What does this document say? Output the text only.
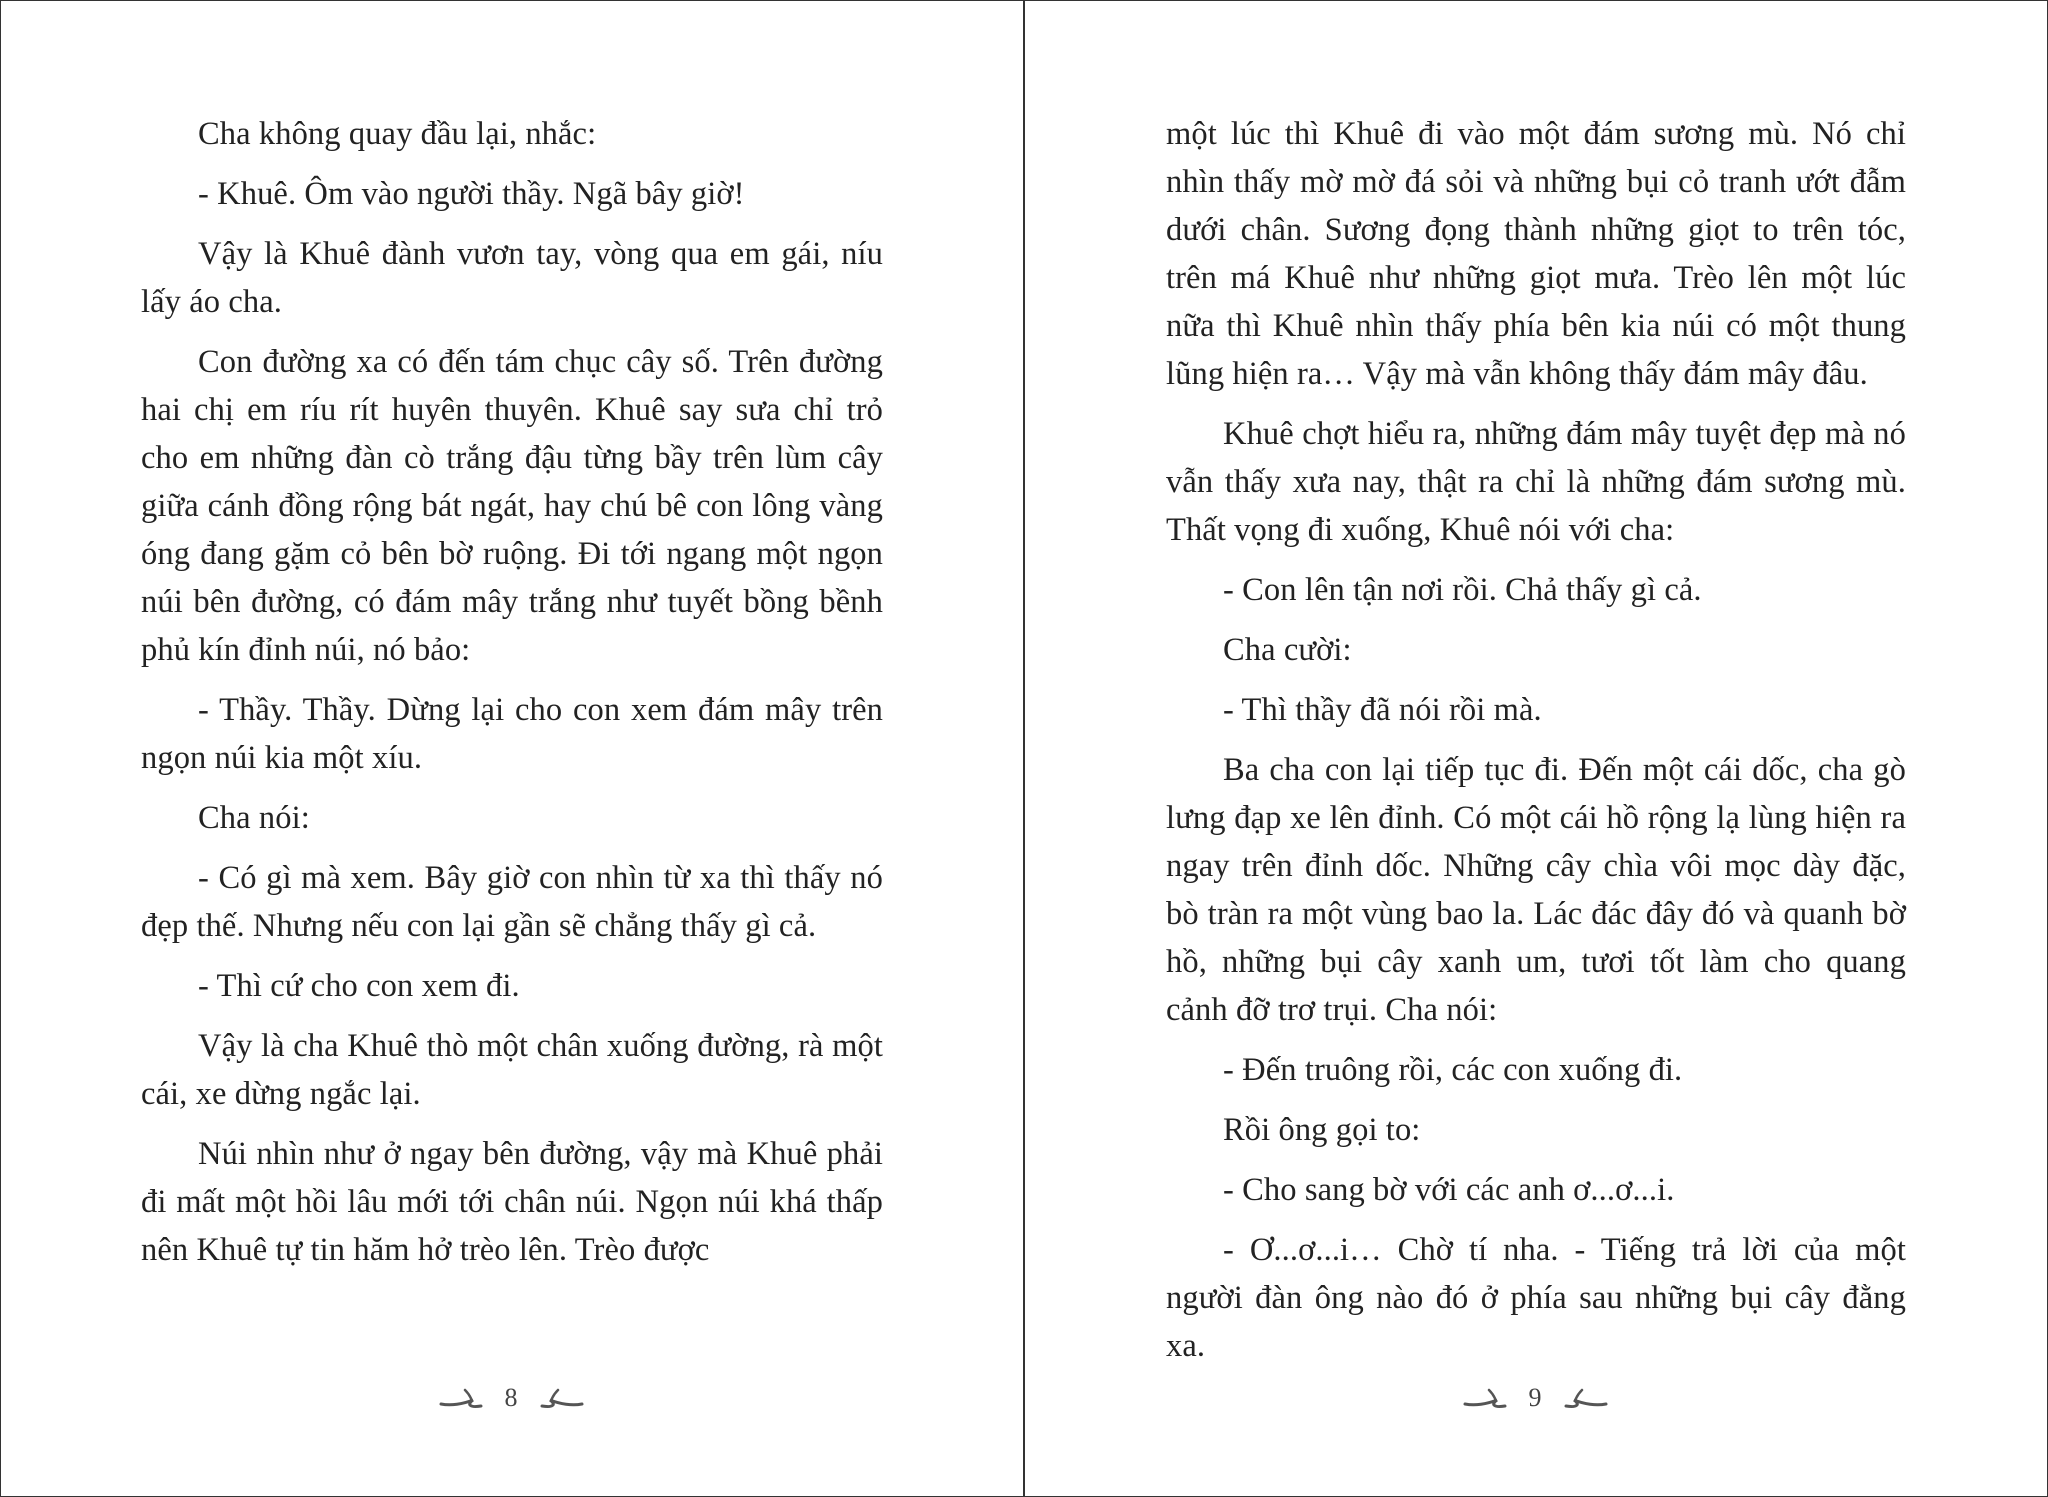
Cha không quay đầu lại, nhắc:

- Khuê. Ôm vào người thầy. Ngã bây giờ!

Vậy là Khuê đành vươn tay, vòng qua em gái, níu lấy áo cha.

Con đường xa có đến tám chục cây số. Trên đường hai chị em ríu rít huyên thuyên. Khuê say sưa chỉ trỏ cho em những đàn cò trắng đậu từng bầy trên lùm cây giữa cánh đồng rộng bát ngát, hay chú bê con lông vàng óng đang gặm cỏ bên bờ ruộng. Đi tới ngang một ngọn núi bên đường, có đám mây trắng như tuyết bồng bềnh phủ kín đỉnh núi, nó bảo:

- Thầy. Thầy. Dừng lại cho con xem đám mây trên ngọn núi kia một xíu.

Cha nói:

- Có gì mà xem. Bây giờ con nhìn từ xa thì thấy nó đẹp thế. Nhưng nếu con lại gần sẽ chẳng thấy gì cả.

- Thì cứ cho con xem đi.

Vậy là cha Khuê thò một chân xuống đường, rà một cái, xe dừng ngắc lại.

Núi nhìn như ở ngay bên đường, vậy mà Khuê phải đi mất một hồi lâu mới tới chân núi. Ngọn núi khá thấp nên Khuê tự tin hăm hở trèo lên. Trèo được

một lúc thì Khuê đi vào một đám sương mù. Nó chỉ nhìn thấy mờ mờ đá sỏi và những bụi cỏ tranh ướt đẫm dưới chân. Sương đọng thành những giọt to trên tóc, trên má Khuê như những giọt mưa. Trèo lên một lúc nữa thì Khuê nhìn thấy phía bên kia núi có một thung lũng hiện ra… Vậy mà vẫn không thấy đám mây đâu.

Khuê chợt hiểu ra, những đám mây tuyệt đẹp mà nó vẫn thấy xưa nay, thật ra chỉ là những đám sương mù. Thất vọng đi xuống, Khuê nói với cha:

- Con lên tận nơi rồi. Chả thấy gì cả.

Cha cười:

- Thì thầy đã nói rồi mà.

Ba cha con lại tiếp tục đi. Đến một cái dốc, cha gò lưng đạp xe lên đỉnh. Có một cái hồ rộng lạ lùng hiện ra ngay trên đỉnh dốc. Những cây chìa vôi mọc dày đặc, bò tràn ra một vùng bao la. Lác đác đây đó và quanh bờ hồ, những bụi cây xanh um, tươi tốt làm cho quang cảnh đỡ trơ trụi. Cha nói:

- Đến truông rồi, các con xuống đi.

Rồi ông gọi to:

- Cho sang bờ với các anh ơ...ơ...i.

- Ơ...ơ...i… Chờ tí nha. - Tiếng trả lời của một người đàn ông nào đó ở phía sau những bụi cây đằng xa.

8	9
